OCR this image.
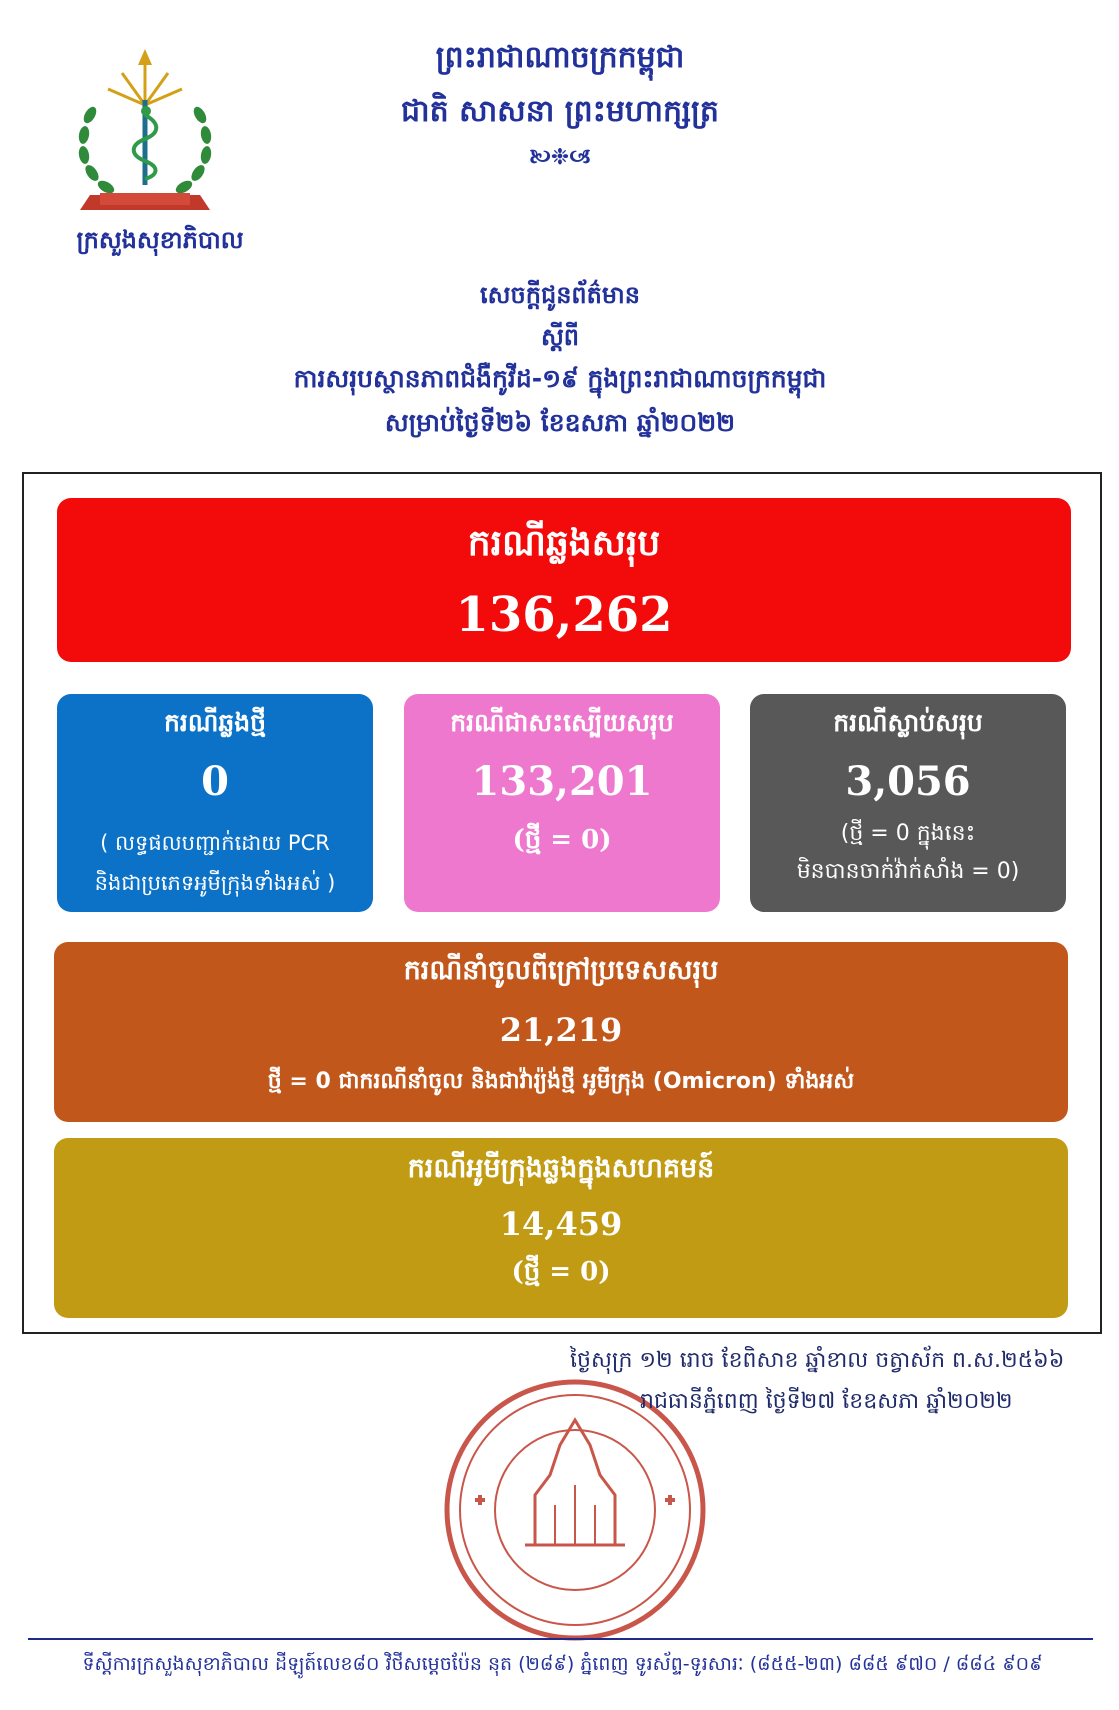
ព្រះរាជាណាចក្រកម្ពុជា
ជាតិ សាសនា ព្រះមហាក្សត្រ
🙠❉🙢
ក្រសួងសុខាភិបាល
សេចក្តីជូនព័ត៌មាន
ស្តីពី
ការសរុបស្ថានភាពជំងឺកូវីដ-១៩ ក្នុងព្រះរាជាណាចក្រកម្ពុជា
សម្រាប់ថ្ងៃទី២៦ ខែឧសភា ឆ្នាំ២០២២
ករណីឆ្លងសរុប
136,262
ករណីឆ្លងថ្មី
0
( លទ្ធផលបញ្ជាក់ដោយ PCR
និងជាប្រភេទអូមីក្រុងទាំងអស់ )
ករណីជាសះស្បើយសរុប
133,201
(ថ្មី = 0)
ករណីស្លាប់សរុប
3,056
(ថ្មី = 0 ក្នុងនេះ
មិនបានចាក់វ៉ាក់សាំង = 0)
ករណីនាំចូលពីក្រៅប្រទេសសរុប
21,219
ថ្មី = 0 ជាករណីនាំចូល និងជាវ៉ារ្យ៉ង់ថ្មី អូមីក្រុង (Omicron) ទាំងអស់
ករណីអូមីក្រុងឆ្លងក្នុងសហគមន៍
14,459
(ថ្មី = 0)
ថ្ងៃសុក្រ ១២ រោច ខែពិសាខ ឆ្នាំខាល ចត្វាស័ក ព.ស.២៥៦៦
រាជធានីភ្នំពេញ ថ្ងៃទី២៧ ខែឧសភា ឆ្នាំ២០២២
ទីស្តីការក្រសួងសុខាភិបាល ដីឡូត៍លេខ៨០ វិថីសម្តេចប៉ែន នុត (២៨៩) ភ្នំពេញ ទូរស័ព្ទ-ទូរសារៈ (៨៥៥-២៣) ៨៨៥ ៩៧០ / ៨៨៤ ៩០៩
